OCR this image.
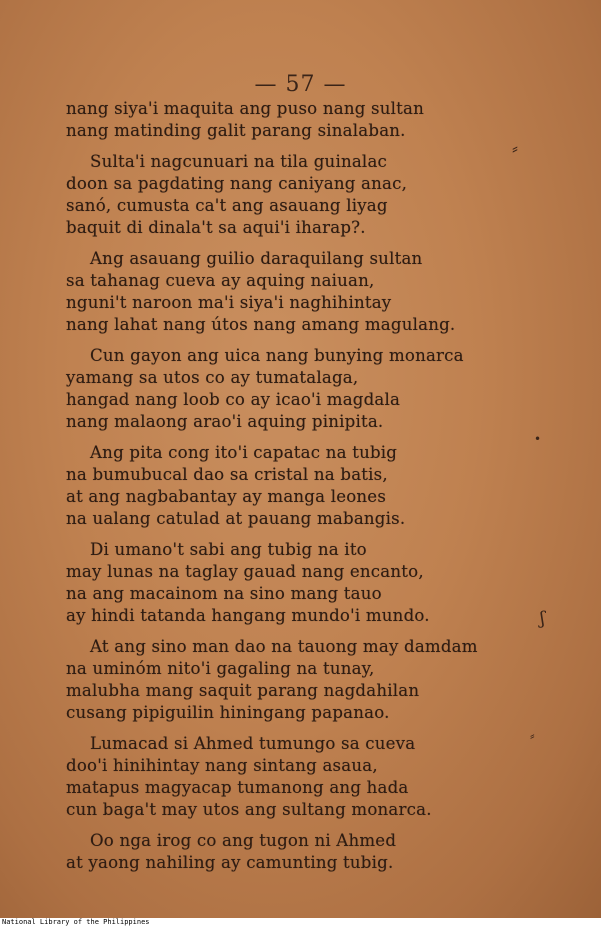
— 57 —
nang siya'i maquita ang puso nang sultan
nang matinding galit parang sinalaban.
Sulta'i nagcunuari na tila guinalac
doon sa pagdating nang caniyang anac,
sanó, cumusta ca't ang asauang liyag
baquit di dinala't sa aqui'i iharap?.
Ang asauang guilio daraquilang sultan
sa tahanag cueva ay aquing naiuan,
nguni't naroon ma'i siya'i naghihintay
nang lahat nang útos nang amang magulang.
Cun gayon ang uica nang bunying monarca
yamang sa utos co ay tumatalaga,
hangad nang loob co ay icao'i magdala
nang malaong arao'i aquing pinipita.
Ang pita cong ito'i capatac na tubig
na bumubucal dao sa cristal na batis,
at ang nagbabantay ay manga leones
na ualang catulad at pauang mabangis.
Di umano't sabi ang tubig na ito
may lunas na taglay gauad nang encanto,
na ang macainom na sino mang tauo
ay hindi tatanda hangang mundo'i mundo.
At ang sino man dao na tauong may damdam
na uminóm nito'i gagaling na tunay,
malubha mang saquit parang nagdahilan
cusang pipiguilin hiningang papanao.
Lumacad si Ahmed tumungo sa cueva
doo'i hinihintay nang sintang asaua,
matapus magyacap tumanong ang hada
cun baga't may utos ang sultang monarca.
Oo nga irog co ang tugon ni Ahmed
at yaong nahiling ay camunting tubig.
⸗
•
ʃ
⸗
National Library of the Philippines
